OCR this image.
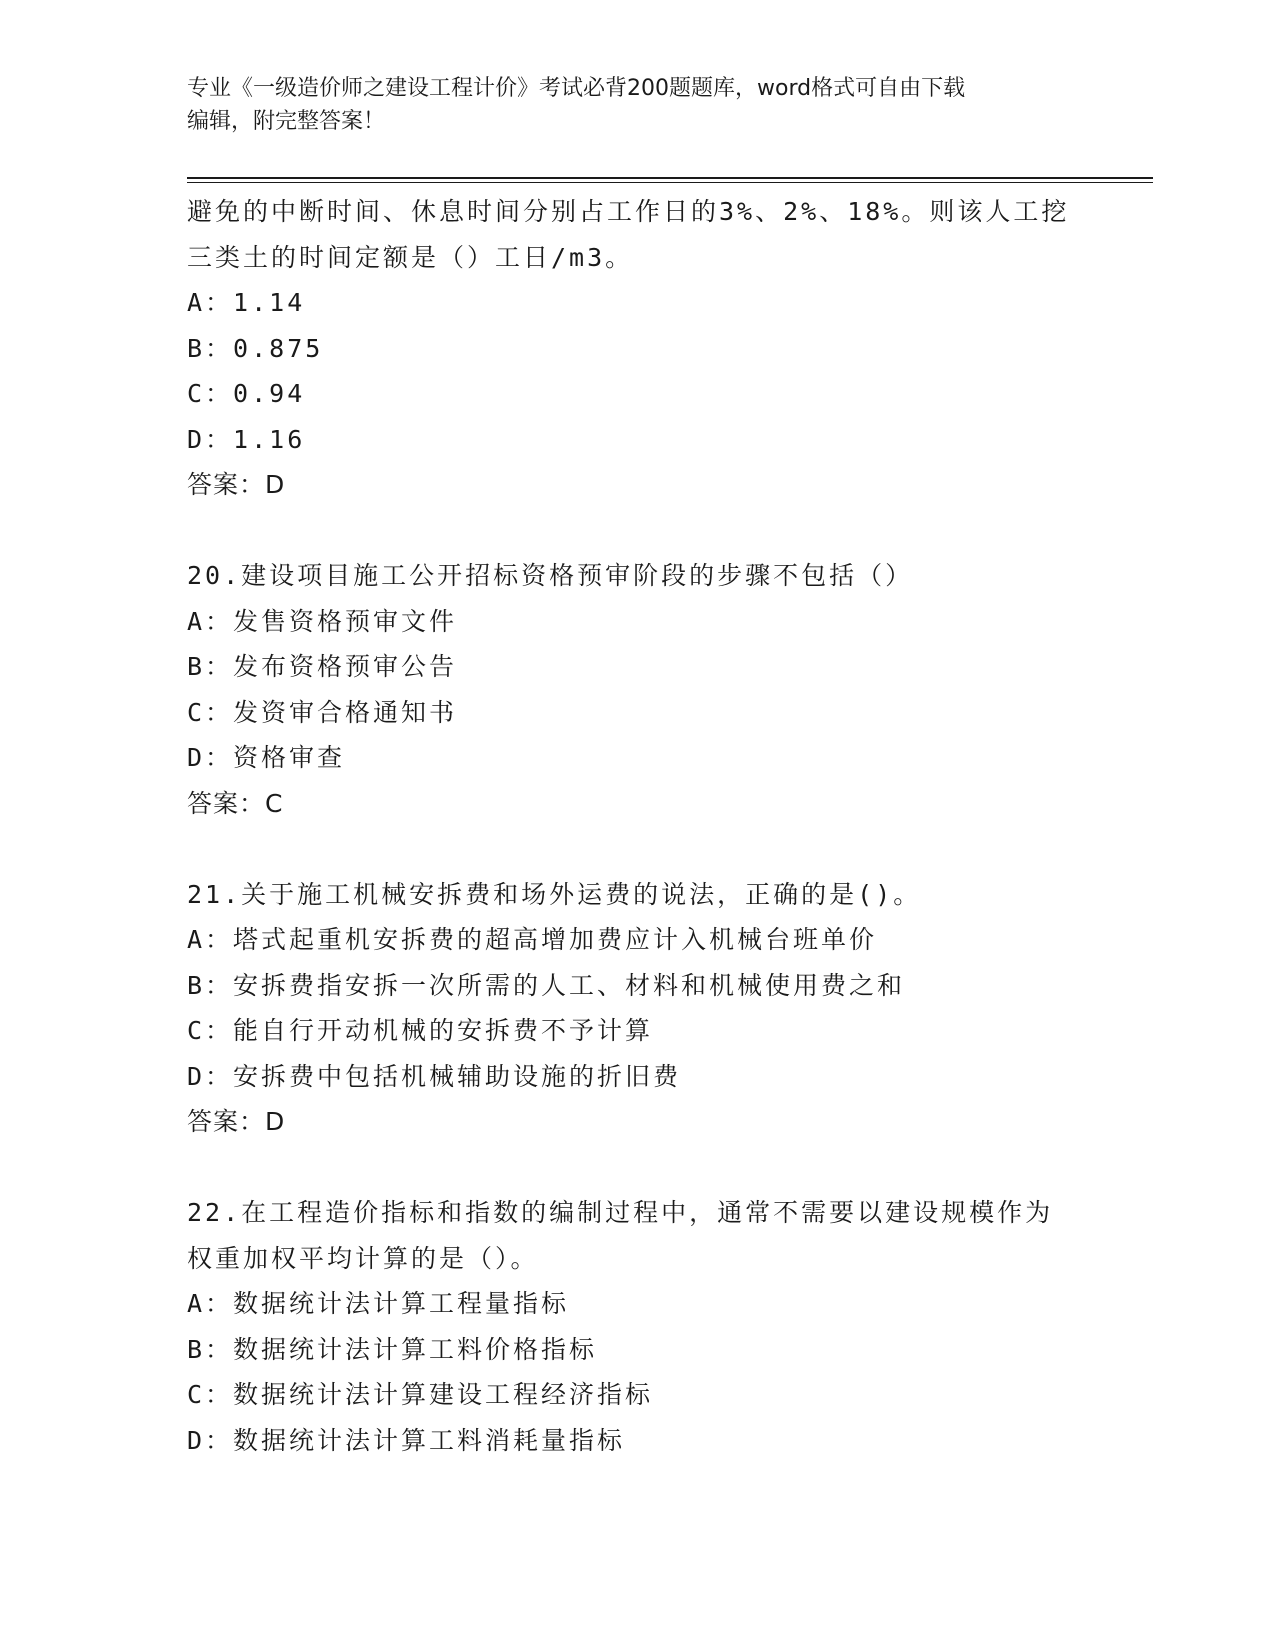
专业《一级造价师之建设工程计价》考试必背200题题库，word格式可自由下载
编辑，附完整答案！
避免的中断时间、休息时间分别占工作日的3%、2%、18%。则该人工挖
三类土的时间定额是（）工日/m3。
A：1.14
B：0.875
C：0.94
D：1.16
答案：D
20.建设项目施工公开招标资格预审阶段的步骤不包括（）
A：发售资格预审文件
B：发布资格预审公告
C：发资审合格通知书
D：资格审查
答案：C
21.关于施工机械安拆费和场外运费的说法，正确的是()。
A：塔式起重机安拆费的超高增加费应计入机械台班单价
B：安拆费指安拆一次所需的人工、材料和机械使用费之和
C：能自行开动机械的安拆费不予计算
D：安拆费中包括机械辅助设施的折旧费
答案：D
22.在工程造价指标和指数的编制过程中，通常不需要以建设规模作为
权重加权平均计算的是（）。
A：数据统计法计算工程量指标
B：数据统计法计算工料价格指标
C：数据统计法计算建设工程经济指标
D：数据统计法计算工料消耗量指标
